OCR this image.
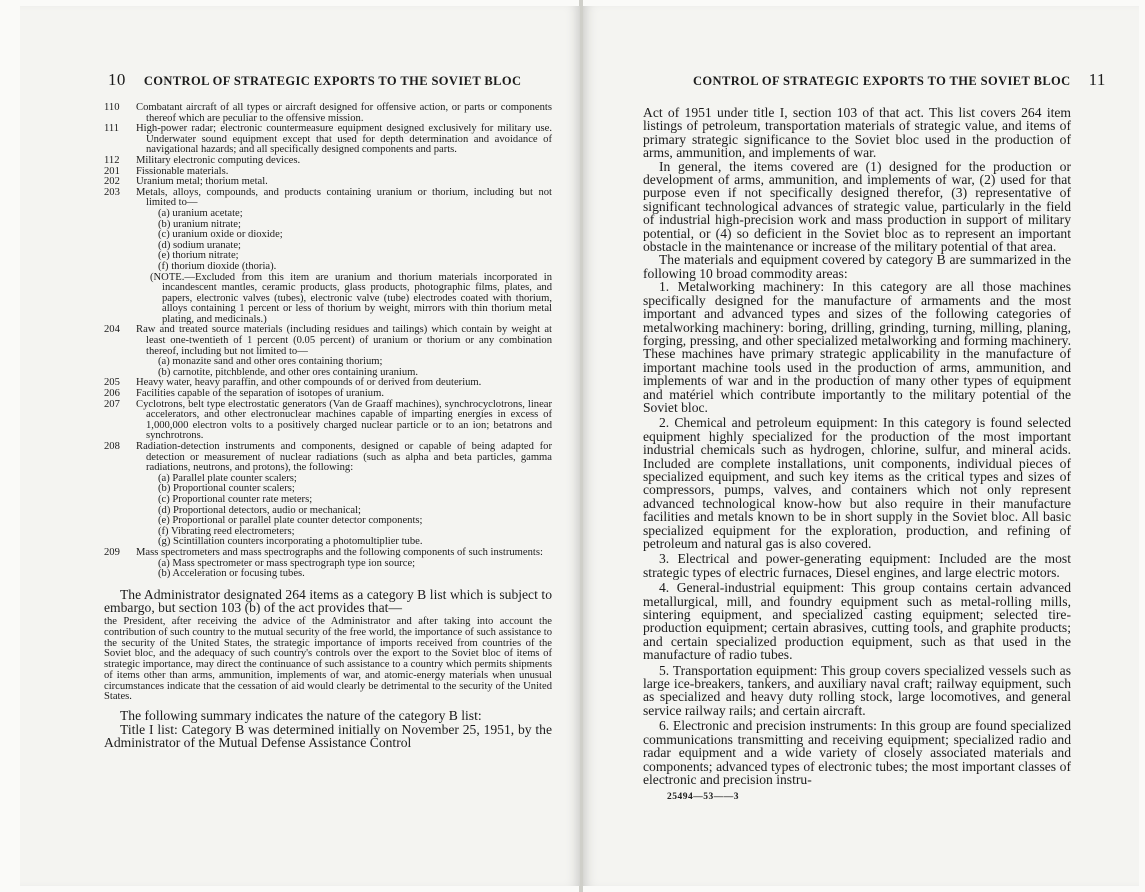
10 CONTROL OF STRATEGIC EXPORTS TO THE SOVIET BLOC
110	Combatant aircraft of all types or aircraft designed for offensive action, or parts or components thereof which are peculiar to the offensive mission.
111	High-power radar; electronic countermeasure equipment designed exclusively for military use. Underwater sound equipment except that used for depth determination and avoidance of navigational hazards; and all specifically designed components and parts.
112	Military electronic computing devices.
201	Fissionable materials.
202	Uranium metal; thorium metal.
203	Metals, alloys, compounds, and products containing uranium or thorium, including but not limited to—
(a) uranium acetate;
(b) uranium nitrate;
(c) uranium oxide or dioxide;
(d) sodium uranate;
(e) thorium nitrate;
(f) thorium dioxide (thoria).
(NOTE.—Excluded from this item are uranium and thorium materials incorporated in incandescent mantles, ceramic products, glass products, photographic films, plates, and papers, electronic valves (tubes), electronic valve (tube) electrodes coated with thorium, alloys containing 1 percent or less of thorium by weight, mirrors with thin thorium metal plating, and medicinals.)
204	Raw and treated source materials (including residues and tailings) which contain by weight at least one-twentieth of 1 percent (0.05 percent) of uranium or thorium or any combination thereof, including but not limited to—
(a) monazite sand and other ores containing thorium;
(b) carnotite, pitchblende, and other ores containing uranium.
205	Heavy water, heavy paraffin, and other compounds of or derived from deuterium.
206	Facilities capable of the separation of isotopes of uranium.
207	Cyclotrons, belt type electrostatic generators (Van de Graaff machines), synchrocyclotrons, linear accelerators, and other electronuclear machines capable of imparting energies in excess of 1,000,000 electron volts to a positively charged nuclear particle or to an ion; betatrons and synchrotrons.
208	Radiation-detection instruments and components, designed or capable of being adapted for detection or measurement of nuclear radiations (such as alpha and beta particles, gamma radiations, neutrons, and protons), the following:
(a) Parallel plate counter scalers;
(b) Proportional counter scalers;
(c) Proportional counter rate meters;
(d) Proportional detectors, audio or mechanical;
(e) Proportional or parallel plate counter detector components;
(f) Vibrating reed electrometers;
(g) Scintillation counters incorporating a photomultiplier tube.
209	Mass spectrometers and mass spectrographs and the following components of such instruments:
(a) Mass spectrometer or mass spectrograph type ion source;
(b) Acceleration or focusing tubes.

The Administrator designated 264 items as a category B list which is subject to embargo, but section 103 (b) of the act provides that—

the President, after receiving the advice of the Administrator and after taking into account the contribution of such country to the mutual security of the free world, the importance of such assistance to the security of the United States, the strategic importance of imports received from countries of the Soviet bloc, and the adequacy of such country's controls over the export to the Soviet bloc of items of strategic importance, may direct the continuance of such assistance to a country which permits shipments of items other than arms, ammunition, implements of war, and atomic-energy materials when unusual circumstances indicate that the cessation of aid would clearly be detrimental to the security of the United States.

The following summary indicates the nature of the category B list:

Title I list: Category B was determined initially on November 25, 1951, by the Administrator of the Mutual Defense Assistance Control

CONTROL OF STRATEGIC EXPORTS TO THE SOVIET BLOC 11

Act of 1951 under title I, section 103 of that act. This list covers 264 item listings of petroleum, transportation materials of strategic value, and items of primary strategic significance to the Soviet bloc used in the production of arms, ammunition, and implements of war.

In general, the items covered are (1) designed for the production or development of arms, ammunition, and implements of war, (2) used for that purpose even if not specifically designed therefor, (3) representative of significant technological advances of strategic value, particularly in the field of industrial high-precision work and mass production in support of military potential, or (4) so deficient in the Soviet bloc as to represent an important obstacle in the maintenance or increase of the military potential of that area.

The materials and equipment covered by category B are summarized in the following 10 broad commodity areas:

1. Metalworking machinery: In this category are all those machines specifically designed for the manufacture of armaments and the most important and advanced types and sizes of the following categories of metalworking machinery: boring, drilling, grinding, turning, milling, planing, forging, pressing, and other specialized metalworking and forming machinery. These machines have primary strategic applicability in the manufacture of important machine tools used in the production of arms, ammunition, and implements of war and in the production of many other types of equipment and matériel which contribute importantly to the military potential of the Soviet bloc.

2. Chemical and petroleum equipment: In this category is found selected equipment highly specialized for the production of the most important industrial chemicals such as hydrogen, chlorine, sulfur, and mineral acids. Included are complete installations, unit components, individual pieces of specialized equipment, and such key items as the critical types and sizes of compressors, pumps, valves, and containers which not only represent advanced technological know-how but also require in their manufacture facilities and metals known to be in short supply in the Soviet bloc. All basic specialized equipment for the exploration, production, and refining of petroleum and natural gas is also covered.

3. Electrical and power-generating equipment: Included are the most strategic types of electric furnaces, Diesel engines, and large electric motors.

4. General-industrial equipment: This group contains certain advanced metallurgical, mill, and foundry equipment such as metal-rolling mills, sintering equipment, and specialized casting equipment; selected tire-production equipment; certain abrasives, cutting tools, and graphite products; and certain specialized production equipment, such as that used in the manufacture of radio tubes.

5. Transportation equipment: This group covers specialized vessels such as large ice-breakers, tankers, and auxiliary naval craft; railway equipment, such as specialized and heavy duty rolling stock, large locomotives, and general service railway rails; and certain aircraft.

6. Electronic and precision instruments: In this group are found specialized communications transmitting and receiving equipment; specialized radio and radar equipment and a wide variety of closely associated materials and components; advanced types of electronic tubes; the most important classes of electronic and precision instru-

25494—53——3
